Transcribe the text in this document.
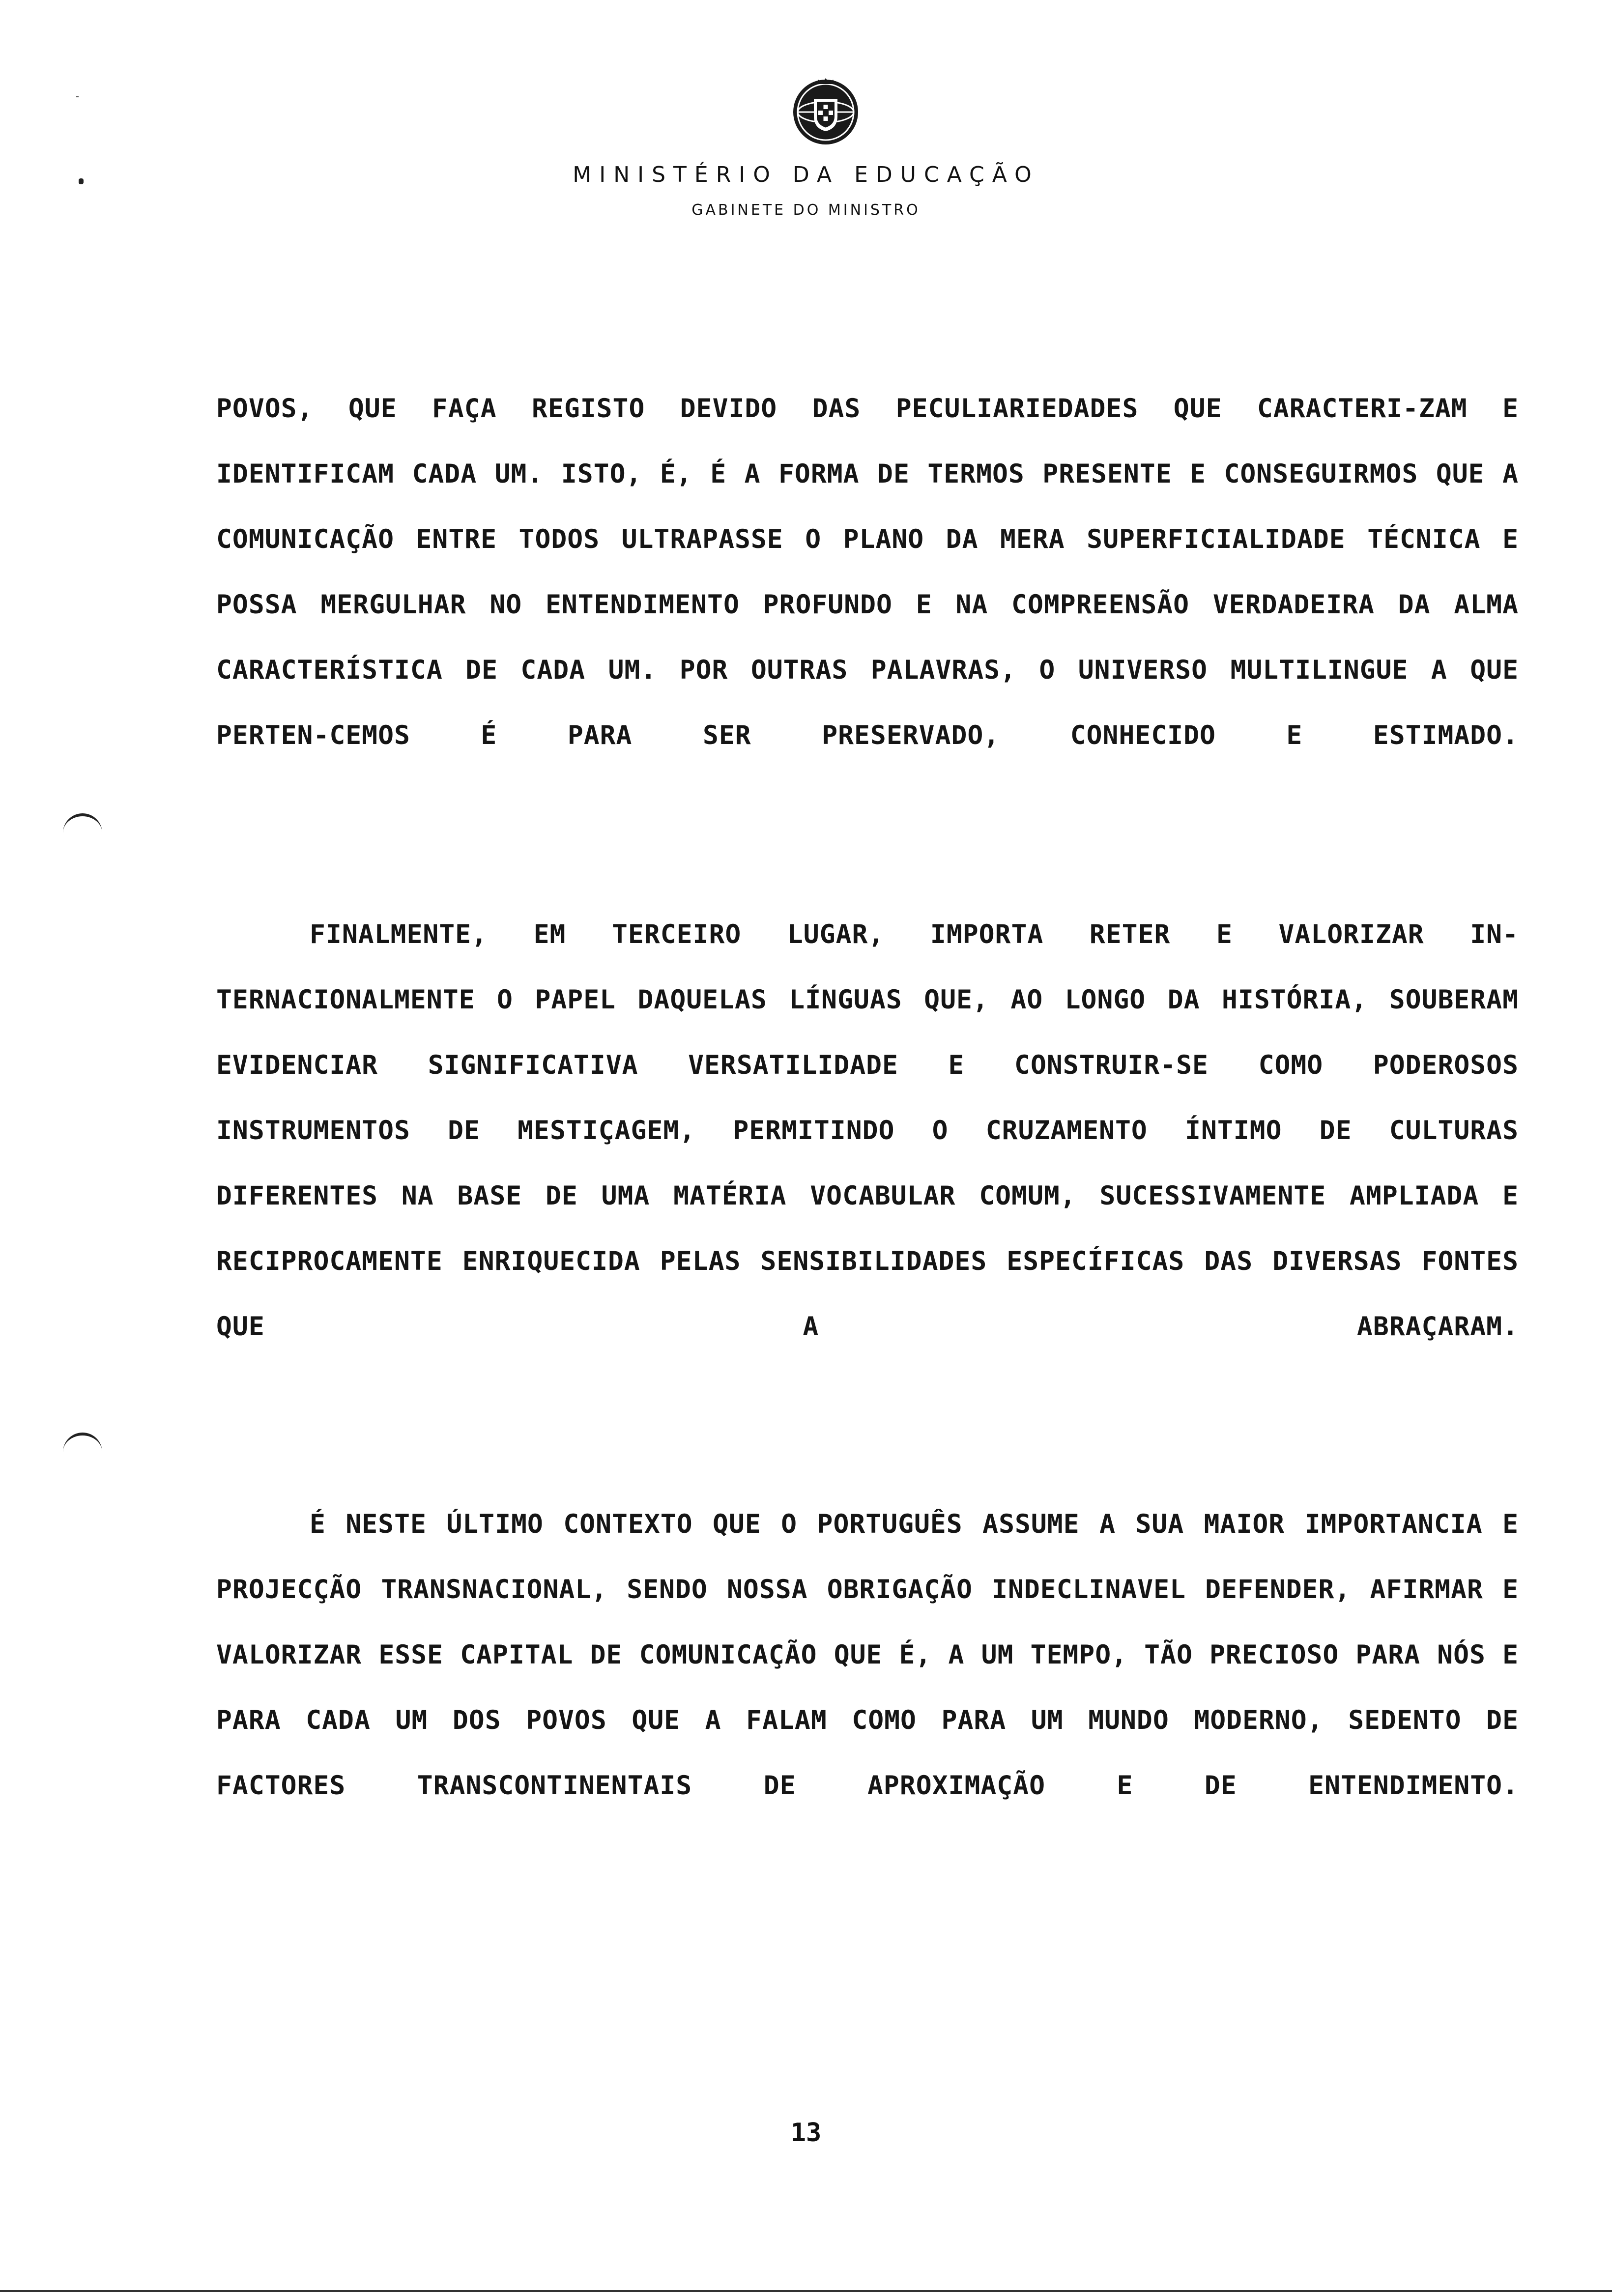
MINISTÉRIO DA EDUCAÇÃO
GABINETE DO MINISTRO

POVOS, QUE FAÇA REGISTO DEVIDO DAS PECULIARIEDADES QUE CARACTERI-ZAM E IDENTIFICAM CADA UM. ISTO, É, É A FORMA DE TERMOS PRESENTE E CONSEGUIRMOS QUE A COMUNICAÇÃO ENTRE TODOS ULTRAPASSE O PLANO DA MERA SUPERFICIALIDADE TÉCNICA E POSSA MERGULHAR NO ENTENDIMENTO PROFUNDO E NA COMPREENSÃO VERDADEIRA DA ALMA CARACTERÍSTICA DE CADA UM. POR OUTRAS PALAVRAS, O UNIVERSO MULTILINGUE A QUE PERTEN-CEMOS É PARA SER PRESERVADO, CONHECIDO E ESTIMADO.

FINALMENTE, EM TERCEIRO LUGAR, IMPORTA RETER E VALORIZAR IN-TERNACIONALMENTE O PAPEL DAQUELAS LÍNGUAS QUE, AO LONGO DA HISTÓRIA, SOUBERAM EVIDENCIAR SIGNIFICATIVA VERSATILIDADE E CONSTRUIR-SE COMO PODEROSOS INSTRUMENTOS DE MESTIÇAGEM, PERMITINDO O CRUZAMENTO ÍNTIMO DE CULTURAS DIFERENTES NA BASE DE UMA MATÉRIA VOCABULAR COMUM, SUCESSIVAMENTE AMPLIADA E RECIPROCAMENTE ENRIQUECIDA PELAS SENSIBILIDADES ESPECÍFICAS DAS DIVERSAS FONTES QUE A ABRAÇARAM.

É NESTE ÚLTIMO CONTEXTO QUE O PORTUGUÊS ASSUME A SUA MAIOR IMPORTANCIA E PROJECÇÃO TRANSNACIONAL, SENDO NOSSA OBRIGAÇÃO INDECLINAVEL DEFENDER, AFIRMAR E VALORIZAR ESSE CAPITAL DE COMUNICAÇÃO QUE É, A UM TEMPO, TÃO PRECIOSO PARA NÓS E PARA CADA UM DOS POVOS QUE A FALAM COMO PARA UM MUNDO MODERNO, SEDENTO DE FACTORES TRANSCONTINENTAIS DE APROXIMAÇÃO E DE ENTENDIMENTO.

13
